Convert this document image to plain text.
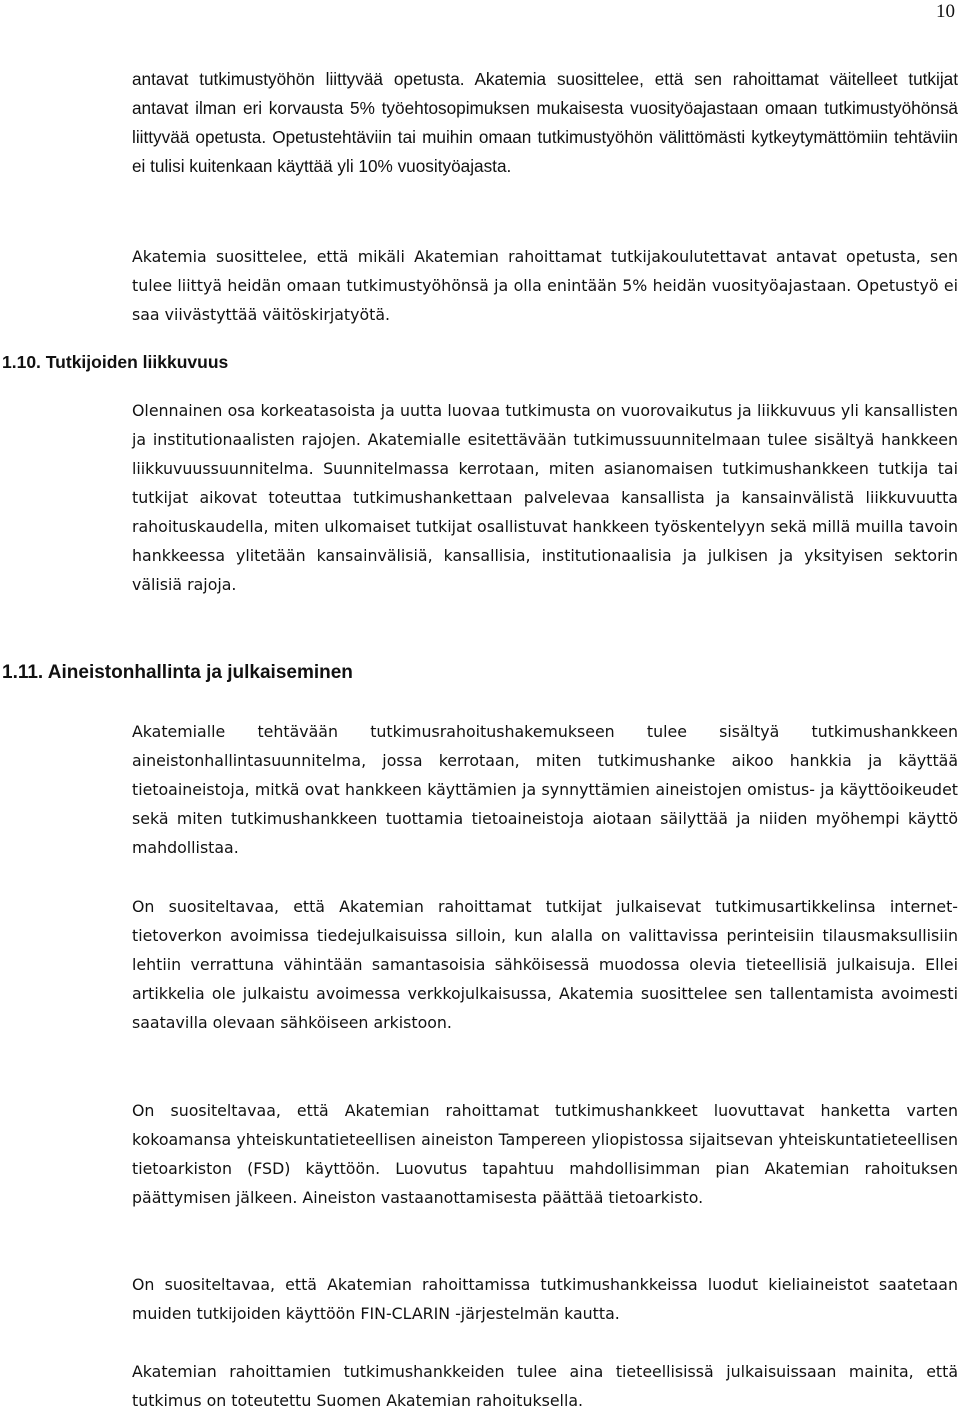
10

antavat tutkimustyöhön liittyvää opetusta. Akatemia suosittelee, että sen rahoittamat väitelleet tutkijat antavat ilman eri korvausta 5% työehtosopimuksen mukaisesta vuosityöajastaan omaan tutkimustyöhönsä liittyvää opetusta. Opetustehtäviin tai muihin omaan tutkimustyöhön välittömästi kytkeytymättömiin tehtäviin ei tulisi kuitenkaan käyttää yli 10% vuosityöajasta.

Akatemia suosittelee, että mikäli Akatemian rahoittamat tutkijakoulutettavat antavat opetusta, sen tulee liittyä heidän omaan tutkimustyöhönsä ja olla enintään 5% heidän vuosityöajastaan. Opetustyö ei saa viivästyttää väitöskirjatyötä.

1.10. Tutkijoiden liikkuvuus

Olennainen osa korkeatasoista ja uutta luovaa tutkimusta on vuorovaikutus ja liikkuvuus yli kansallisten ja institutionaalisten rajojen. Akatemialle esitettävään tutkimussuunnitelmaan tulee sisältyä hankkeen liikkuvuussuunnitelma. Suunnitelmassa kerrotaan, miten asianomaisen tutkimushankkeen tutkija tai tutkijat aikovat toteuttaa tutkimushankettaan palvelevaa kansallista ja kansainvälistä liikkuvuutta rahoituskaudella, miten ulkomaiset tutkijat osallistuvat hankkeen työskentelyyn sekä millä muilla tavoin hankkeessa ylitetään kansainvälisiä, kansallisia, institutionaalisia ja julkisen ja yksityisen sektorin välisiä rajoja.

1.11. Aineistonhallinta ja julkaiseminen

Akatemialle tehtävään tutkimusrahoitushakemukseen tulee sisältyä tutkimushankkeen aineistonhallintasuunnitelma, jossa kerrotaan, miten tutkimushanke aikoo hankkia ja käyttää tietoaineistoja, mitkä ovat hankkeen käyttämien ja synnyttämien aineistojen omistus- ja käyttöoikeudet sekä miten tutkimushankkeen tuottamia tietoaineistoja aiotaan säilyttää ja niiden myöhempi käyttö mahdollistaa.

On suositeltavaa, että Akatemian rahoittamat tutkijat julkaisevat tutkimusartikkelinsa internet-tietoverkon avoimissa tiedejulkaisuissa silloin, kun alalla on valittavissa perinteisiin tilausmaksullisiin lehtiin verrattuna vähintään samantasoisia sähköisessä muodossa olevia tieteellisiä julkaisuja. Ellei artikkelia ole julkaistu avoimessa verkkojulkaisussa, Akatemia suosittelee sen tallentamista avoimesti saatavilla olevaan sähköiseen arkistoon.

On suositeltavaa, että Akatemian rahoittamat tutkimushankkeet luovuttavat hanketta varten kokoamansa yhteiskuntatieteellisen aineiston Tampereen yliopistossa sijaitsevan yhteiskuntatieteellisen tietoarkiston (FSD) käyttöön. Luovutus tapahtuu mahdollisimman pian Akatemian rahoituksen päättymisen jälkeen. Aineiston vastaanottamisesta päättää tietoarkisto.

On suositeltavaa, että Akatemian rahoittamissa tutkimushankkeissa luodut kieliaineistot saatetaan muiden tutkijoiden käyttöön FIN-CLARIN -järjestelmän kautta.

Akatemian rahoittamien tutkimushankkeiden tulee aina tieteellisissä julkaisuissaan mainita, että tutkimus on toteutettu Suomen Akatemian rahoituksella.
